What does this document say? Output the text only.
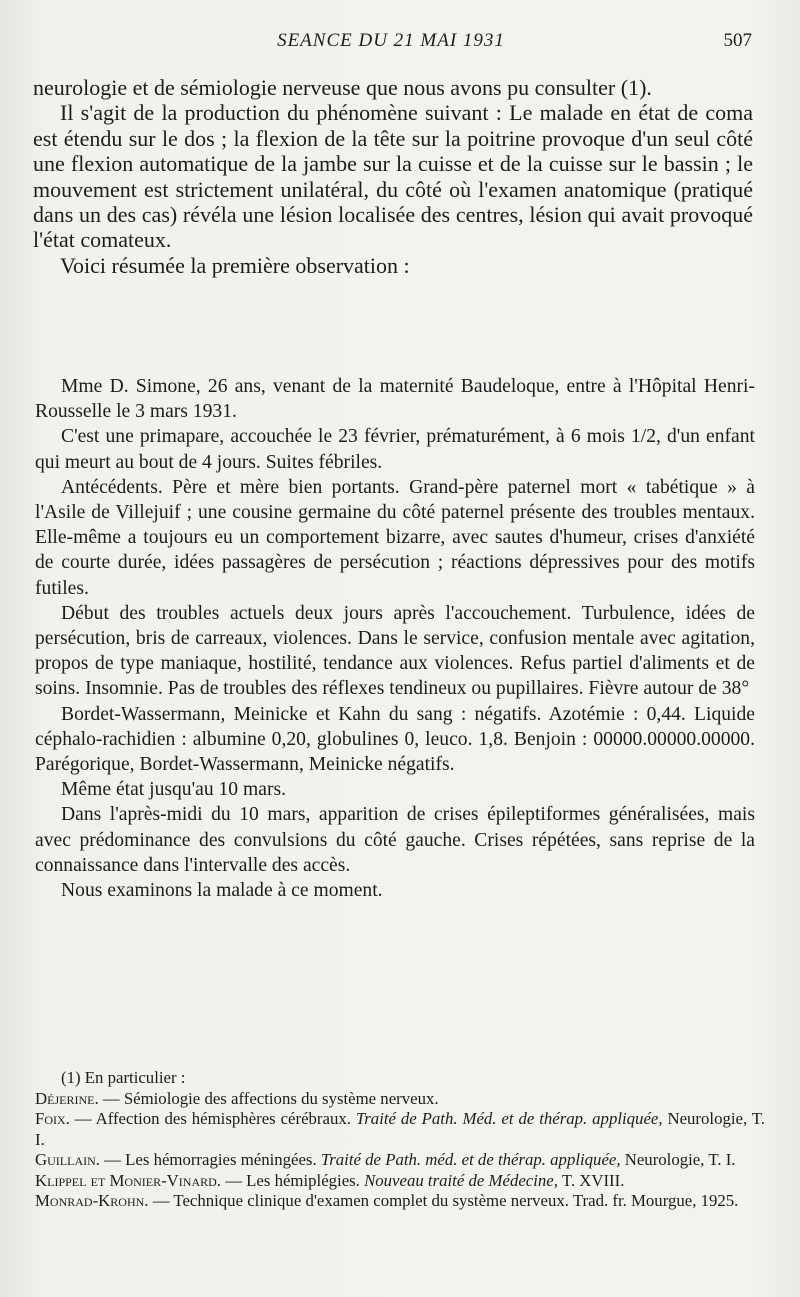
SEANCE DU 21 MAI 1931	507

neurologie et de sémiologie nerveuse que nous avons pu consulter (1).

Il s'agit de la production du phénomène suivant : Le malade en état de coma est étendu sur le dos ; la flexion de la tête sur la poitrine provoque d'un seul côté une flexion automatique de la jambe sur la cuisse et de la cuisse sur le bassin ; le mouvement est strictement unilatéral, du côté où l'examen anatomique (pratiqué dans un des cas) révéla une lésion localisée des centres, lésion qui avait provoqué l'état comateux.

Voici résumée la première observation :

Mme D. Simone, 26 ans, venant de la maternité Baudeloque, entre à l'Hôpital Henri-Rousselle le 3 mars 1931.

C'est une primapare, accouchée le 23 février, prématurément, à 6 mois 1/2, d'un enfant qui meurt au bout de 4 jours. Suites fébriles.

Antécédents. Père et mère bien portants. Grand-père paternel mort « tabétique » à l'Asile de Villejuif ; une cousine germaine du côté paternel présente des troubles mentaux. Elle-même a toujours eu un comportement bizarre, avec sautes d'humeur, crises d'anxiété de courte durée, idées passagères de persécution ; réactions dépressives pour des motifs futiles.

Début des troubles actuels deux jours après l'accouchement. Turbulence, idées de persécution, bris de carreaux, violences. Dans le service, confusion mentale avec agitation, propos de type maniaque, hostilité, tendance aux violences. Refus partiel d'aliments et de soins. Insomnie. Pas de troubles des réflexes tendineux ou pupillaires. Fièvre autour de 38°

Bordet-Wassermann, Meinicke et Kahn du sang : négatifs. Azotémie : 0,44. Liquide céphalo-rachidien : albumine 0,20, globulines 0, leuco. 1,8. Benjoin : 00000.00000.00000. Parégorique, Bordet-Wassermann, Meinicke négatifs.

Même état jusqu'au 10 mars.

Dans l'après-midi du 10 mars, apparition de crises épileptiformes généralisées, mais avec prédominance des convulsions du côté gauche. Crises répétées, sans reprise de la connaissance dans l'intervalle des accès.

Nous examinons la malade à ce moment.

(1) En particulier :

Déjerine. — Sémiologie des affections du système nerveux.

Foix. — Affection des hémisphères cérébraux. Traité de Path. Méd. et de thérap. appliquée, Neurologie, T. I.

Guillain. — Les hémorragies méningées. Traité de Path. méd. et de thérap. appliquée, Neurologie, T. I.

Klippel et Monier-Vinard. — Les hémiplégies. Nouveau traité de Médecine, T. XVIII.

Monrad-Krohn. — Technique clinique d'examen complet du système nerveux. Trad. fr. Mourgue, 1925.
